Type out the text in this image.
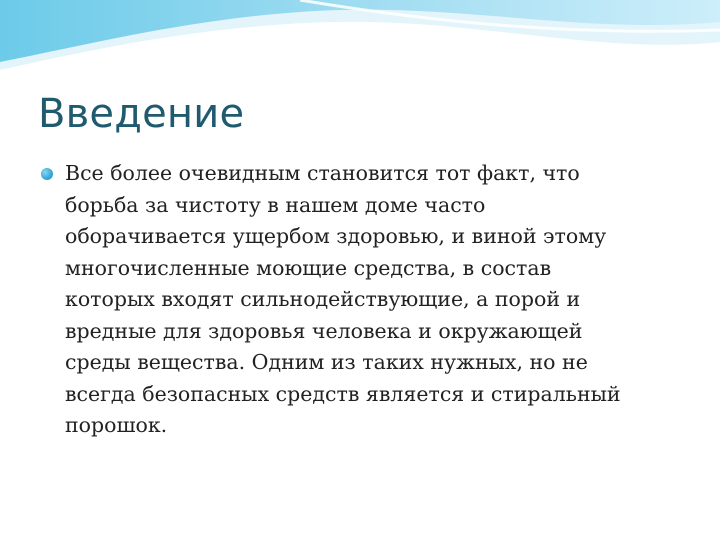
Введение
Все более очевидным становится тот факт, что
борьба за чистоту в нашем доме часто
оборачивается ущербом здоровью, и виной этому
многочисленные моющие средства, в состав
которых входят сильнодействующие, а порой и
вредные для здоровья человека и окружающей
среды вещества. Одним из таких нужных, но не
всегда безопасных средств является и стиральный
порошок.
